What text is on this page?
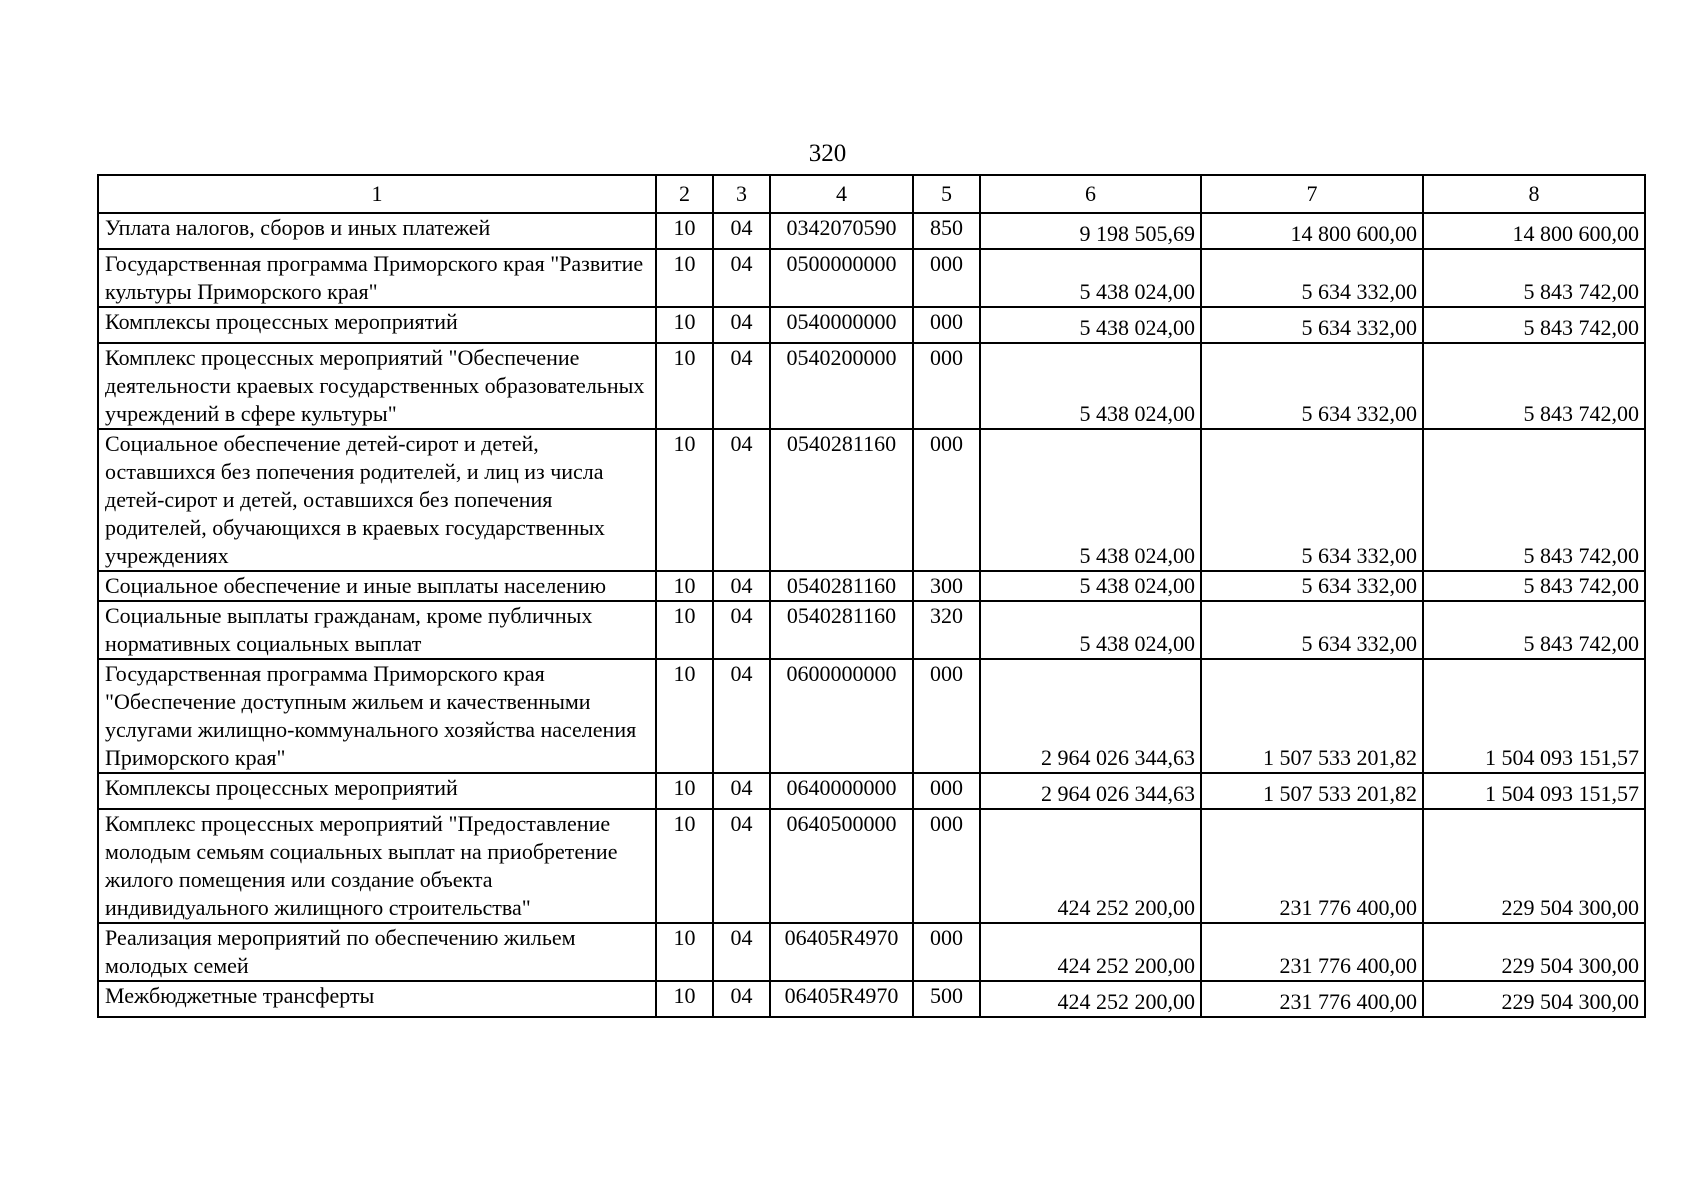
320
1	2	3	4	5	6	7	8
Уплата налогов, сборов и иных платежей	10	04	0342070590	850	9 198 505,69	14 800 600,00	14 800 600,00
Государственная программа Приморского края "Развитие культуры Приморского края"	10	04	0500000000	000	5 438 024,00	5 634 332,00	5 843 742,00
Комплексы процессных мероприятий	10	04	0540000000	000	5 438 024,00	5 634 332,00	5 843 742,00
Комплекс процессных мероприятий "Обеспечение деятельности краевых государственных образовательных учреждений в сфере культуры"	10	04	0540200000	000	5 438 024,00	5 634 332,00	5 843 742,00
Социальное обеспечение детей-сирот и детей, оставшихся без попечения родителей, и лиц из числа детей-сирот и детей, оставшихся без попечения родителей, обучающихся в краевых государственных учреждениях	10	04	0540281160	000	5 438 024,00	5 634 332,00	5 843 742,00
Социальное обеспечение и иные выплаты населению	10	04	0540281160	300	5 438 024,00	5 634 332,00	5 843 742,00
Социальные выплаты гражданам, кроме публичных нормативных социальных выплат	10	04	0540281160	320	5 438 024,00	5 634 332,00	5 843 742,00
Государственная программа Приморского края "Обеспечение доступным жильем и качественными услугами жилищно-коммунального хозяйства населения Приморского края"	10	04	0600000000	000	2 964 026 344,63	1 507 533 201,82	1 504 093 151,57
Комплексы процессных мероприятий	10	04	0640000000	000	2 964 026 344,63	1 507 533 201,82	1 504 093 151,57
Комплекс процессных мероприятий "Предоставление молодым семьям социальных выплат на приобретение жилого помещения или создание объекта индивидуального жилищного строительства"	10	04	0640500000	000	424 252 200,00	231 776 400,00	229 504 300,00
Реализация мероприятий по обеспечению жильем молодых семей	10	04	06405R4970	000	424 252 200,00	231 776 400,00	229 504 300,00
Межбюджетные трансферты	10	04	06405R4970	500	424 252 200,00	231 776 400,00	229 504 300,00
